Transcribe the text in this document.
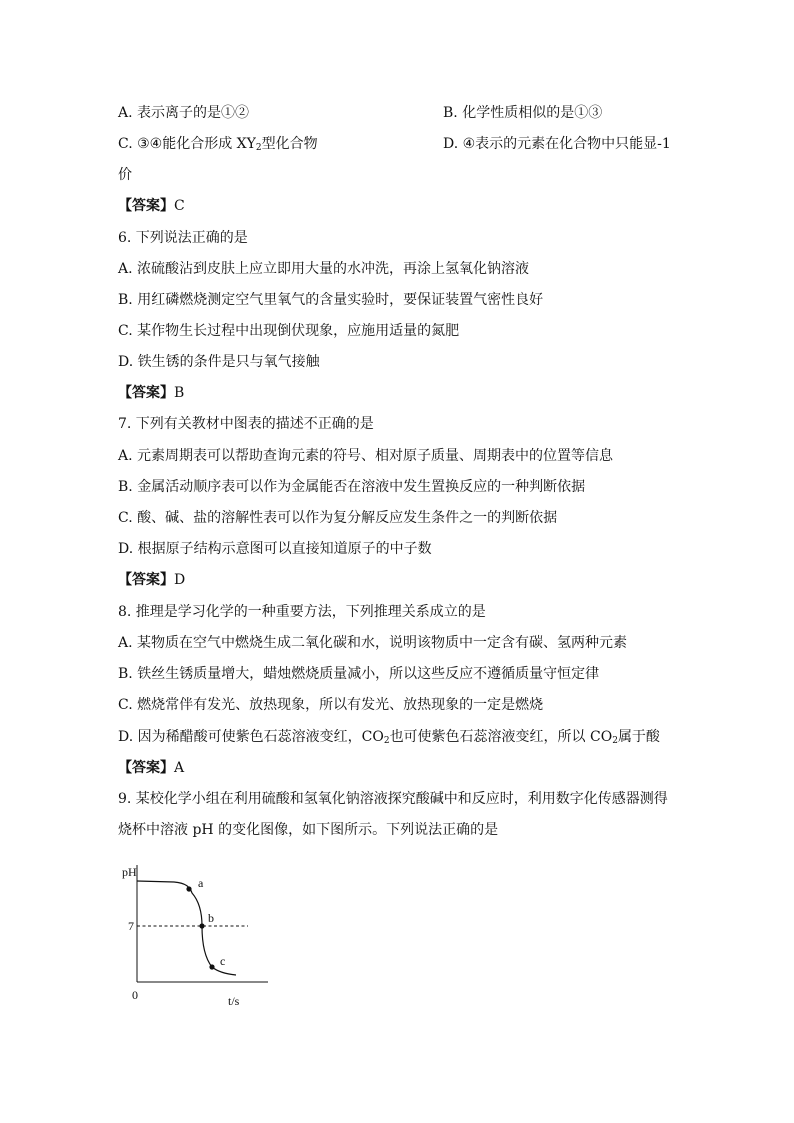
A. 表示离子的是①②	B. 化学性质相似的是①③
C. ③④能化合形成 $XY_2$型化合物	D. ④表示的元素在化合物中只能显-1
价
【答案】C
6. 下列说法正确的是
A. 浓硫酸沾到皮肤上应立即用大量的水冲洗，再涂上氢氧化钠溶液
B. 用红磷燃烧测定空气里氧气的含量实验时，要保证装置气密性良好
C. 某作物生长过程中出现倒伏现象，应施用适量的氮肥
D. 铁生锈的条件是只与氧气接触
【答案】B
7. 下列有关教材中图表的描述不正确的是
A. 元素周期表可以帮助查询元素的符号、相对原子质量、周期表中的位置等信息
B. 金属活动顺序表可以作为金属能否在溶液中发生置换反应的一种判断依据
C. 酸、碱、盐的溶解性表可以作为复分解反应发生条件之一的判断依据
D. 根据原子结构示意图可以直接知道原子的中子数
【答案】D
8. 推理是学习化学的一种重要方法，下列推理关系成立的是
A. 某物质在空气中燃烧生成二氧化碳和水，说明该物质中一定含有碳、氢两种元素
B. 铁丝生锈质量增大，蜡烛燃烧质量减小，所以这些反应不遵循质量守恒定律
C. 燃烧常伴有发光、放热现象，所以有发光、放热现象的一定是燃烧
D. 因为稀醋酸可使紫色石蕊溶液变红，$CO_2$也可使紫色石蕊溶液变红，所以 $CO_2$属于酸
【答案】A
9. 某校化学小组在利用硫酸和氢氧化钠溶液探究酸碱中和反应时，利用数字化传感器测得
烧杯中溶液 pH 的变化图像，如下图所示。下列说法正确的是
pH
7
0	t/s
a
b
c
